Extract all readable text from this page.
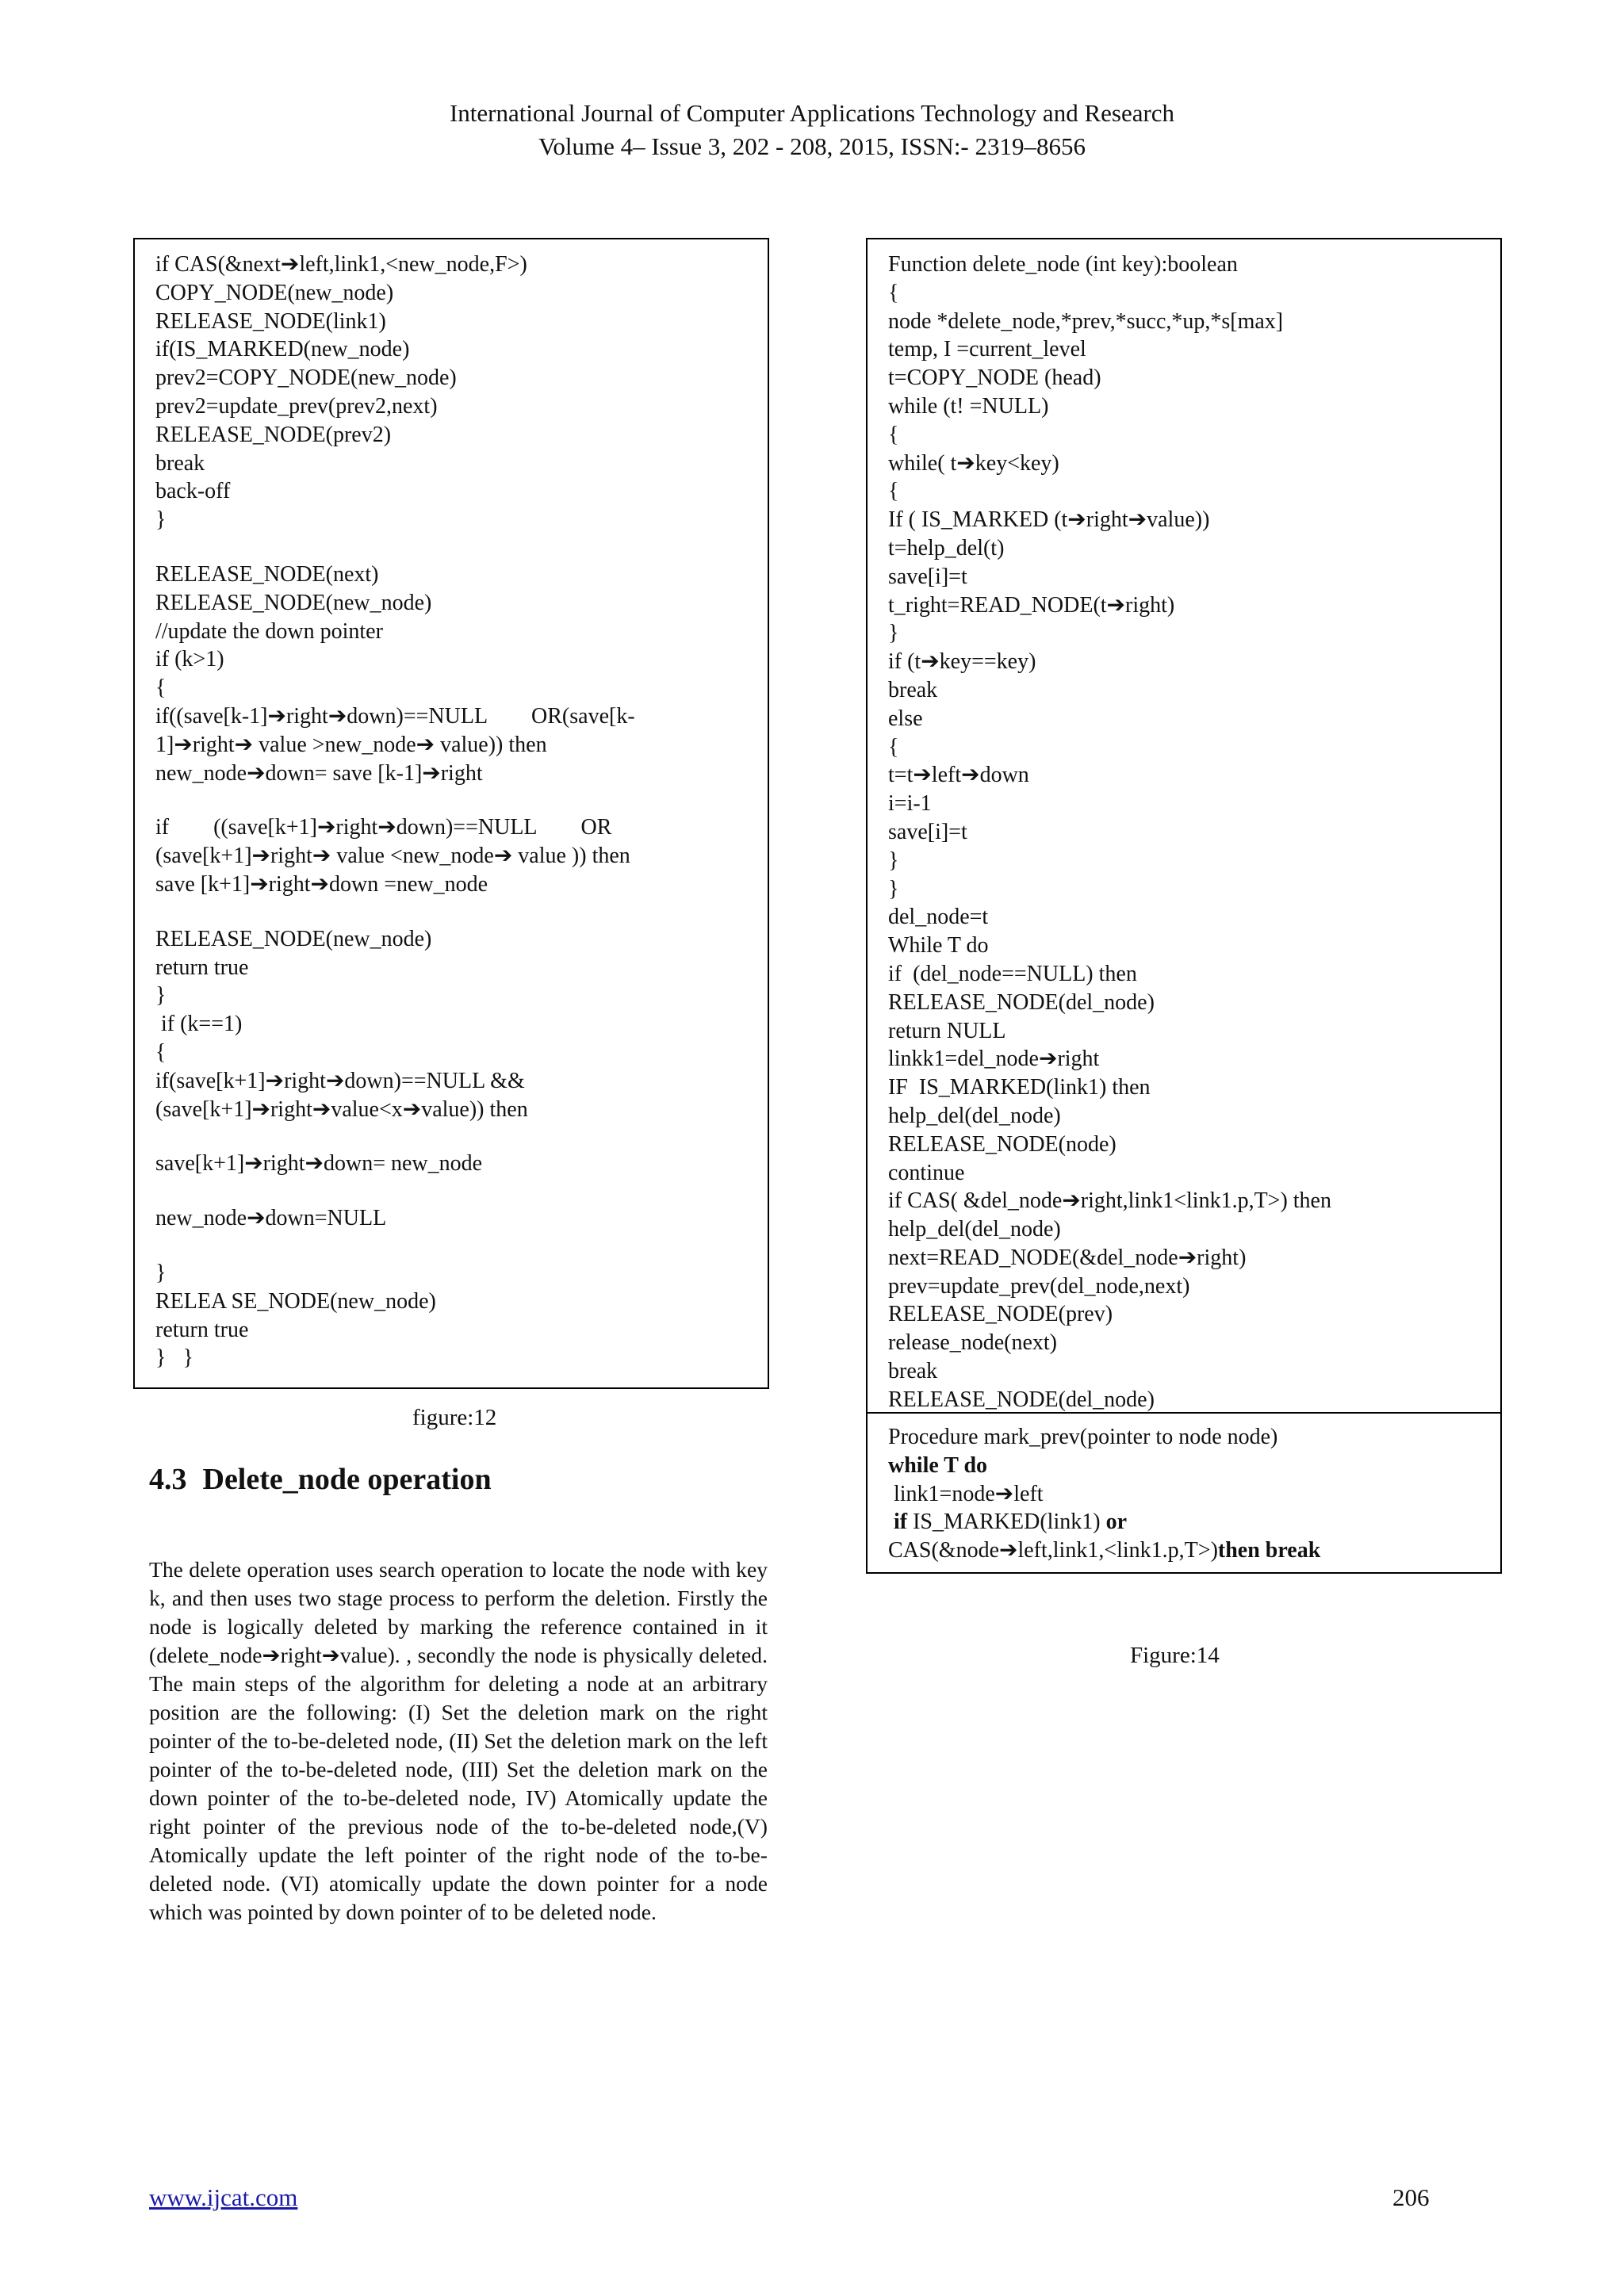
International Journal of Computer Applications Technology and Research
Volume 4– Issue 3, 202 - 208, 2015, ISSN:- 2319–8656
if CAS(&next➔left,link1,<new_node,F>)
COPY_NODE(new_node)
RELEASE_NODE(link1)
if(IS_MARKED(new_node)
prev2=COPY_NODE(new_node)
prev2=update_prev(prev2,next)
RELEASE_NODE(prev2)
break
back-off
}
RELEASE_NODE(next)
RELEASE_NODE(new_node)
//update the down pointer
if (k>1)
{
if((save[k-1]➔right➔down)==NULL        OR(save[k-
1]➔right➔ value >new_node➔ value)) then
new_node➔down= save [k-1]➔right
if        ((save[k+1]➔right➔down)==NULL        OR
(save[k+1]➔right➔ value <new_node➔ value )) then
save [k+1]➔right➔down =new_node
RELEASE_NODE(new_node)
return true
}
if (k==1)
{
if(save[k+1]➔right➔down)==NULL &&
(save[k+1]➔right➔value<x➔value)) then
save[k+1]➔right➔down= new_node
new_node➔down=NULL
}
RELEA SE_NODE(new_node)
return true
}   }
figure:12
4.3 Delete_node operation
The delete operation uses search operation to locate the node with key k, and then uses two stage process to perform the deletion. Firstly the node is logically deleted by marking the reference contained in it (delete_node➔right➔value). , secondly the node is physically deleted. The main steps of the algorithm for deleting a node at an arbitrary position are the following: (I) Set the deletion mark on the right pointer of the to-be-deleted node, (II) Set the deletion mark on the left pointer of the to-be-deleted node, (III) Set the deletion mark on the down pointer of the to-be-deleted node, IV) Atomically update the right pointer of the previous node of the to-be-deleted node,(V) Atomically update the left pointer of the right node of the to-be-deleted node. (VI) atomically update the down pointer for a node which was pointed by down pointer of to be deleted node.
Function delete_node (int key):boolean
{
node *delete_node,*prev,*succ,*up,*s[max]
temp, I =current_level
t=COPY_NODE (head)
while (t! =NULL)
{
while( t➔key<key)
{
If ( IS_MARKED (t➔right➔value))
t=help_del(t)
save[i]=t
t_right=READ_NODE(t➔right)
}
if (t➔key==key)
break
else
{
t=t➔left➔down
i=i-1
save[i]=t
}
}
del_node=t
While T do
if  (del_node==NULL) then
RELEASE_NODE(del_node)
return NULL
linkk1=del_node➔right
IF  IS_MARKED(link1) then
help_del(del_node)
RELEASE_NODE(node)
continue
if CAS( &del_node➔right,link1<link1.p,T>) then
help_del(del_node)
next=READ_NODE(&del_node➔right)
prev=update_prev(del_node,next)
RELEASE_NODE(prev)
release_node(next)
break
RELEASE_NODE(del_node)
Procedure mark_prev(pointer to node node)
while T do
link1=node➔left
if IS_MARKED(link1) or
CAS(&node➔left,link1,<link1.p,T>)then break
Figure:14
www.ijcat.com	206
